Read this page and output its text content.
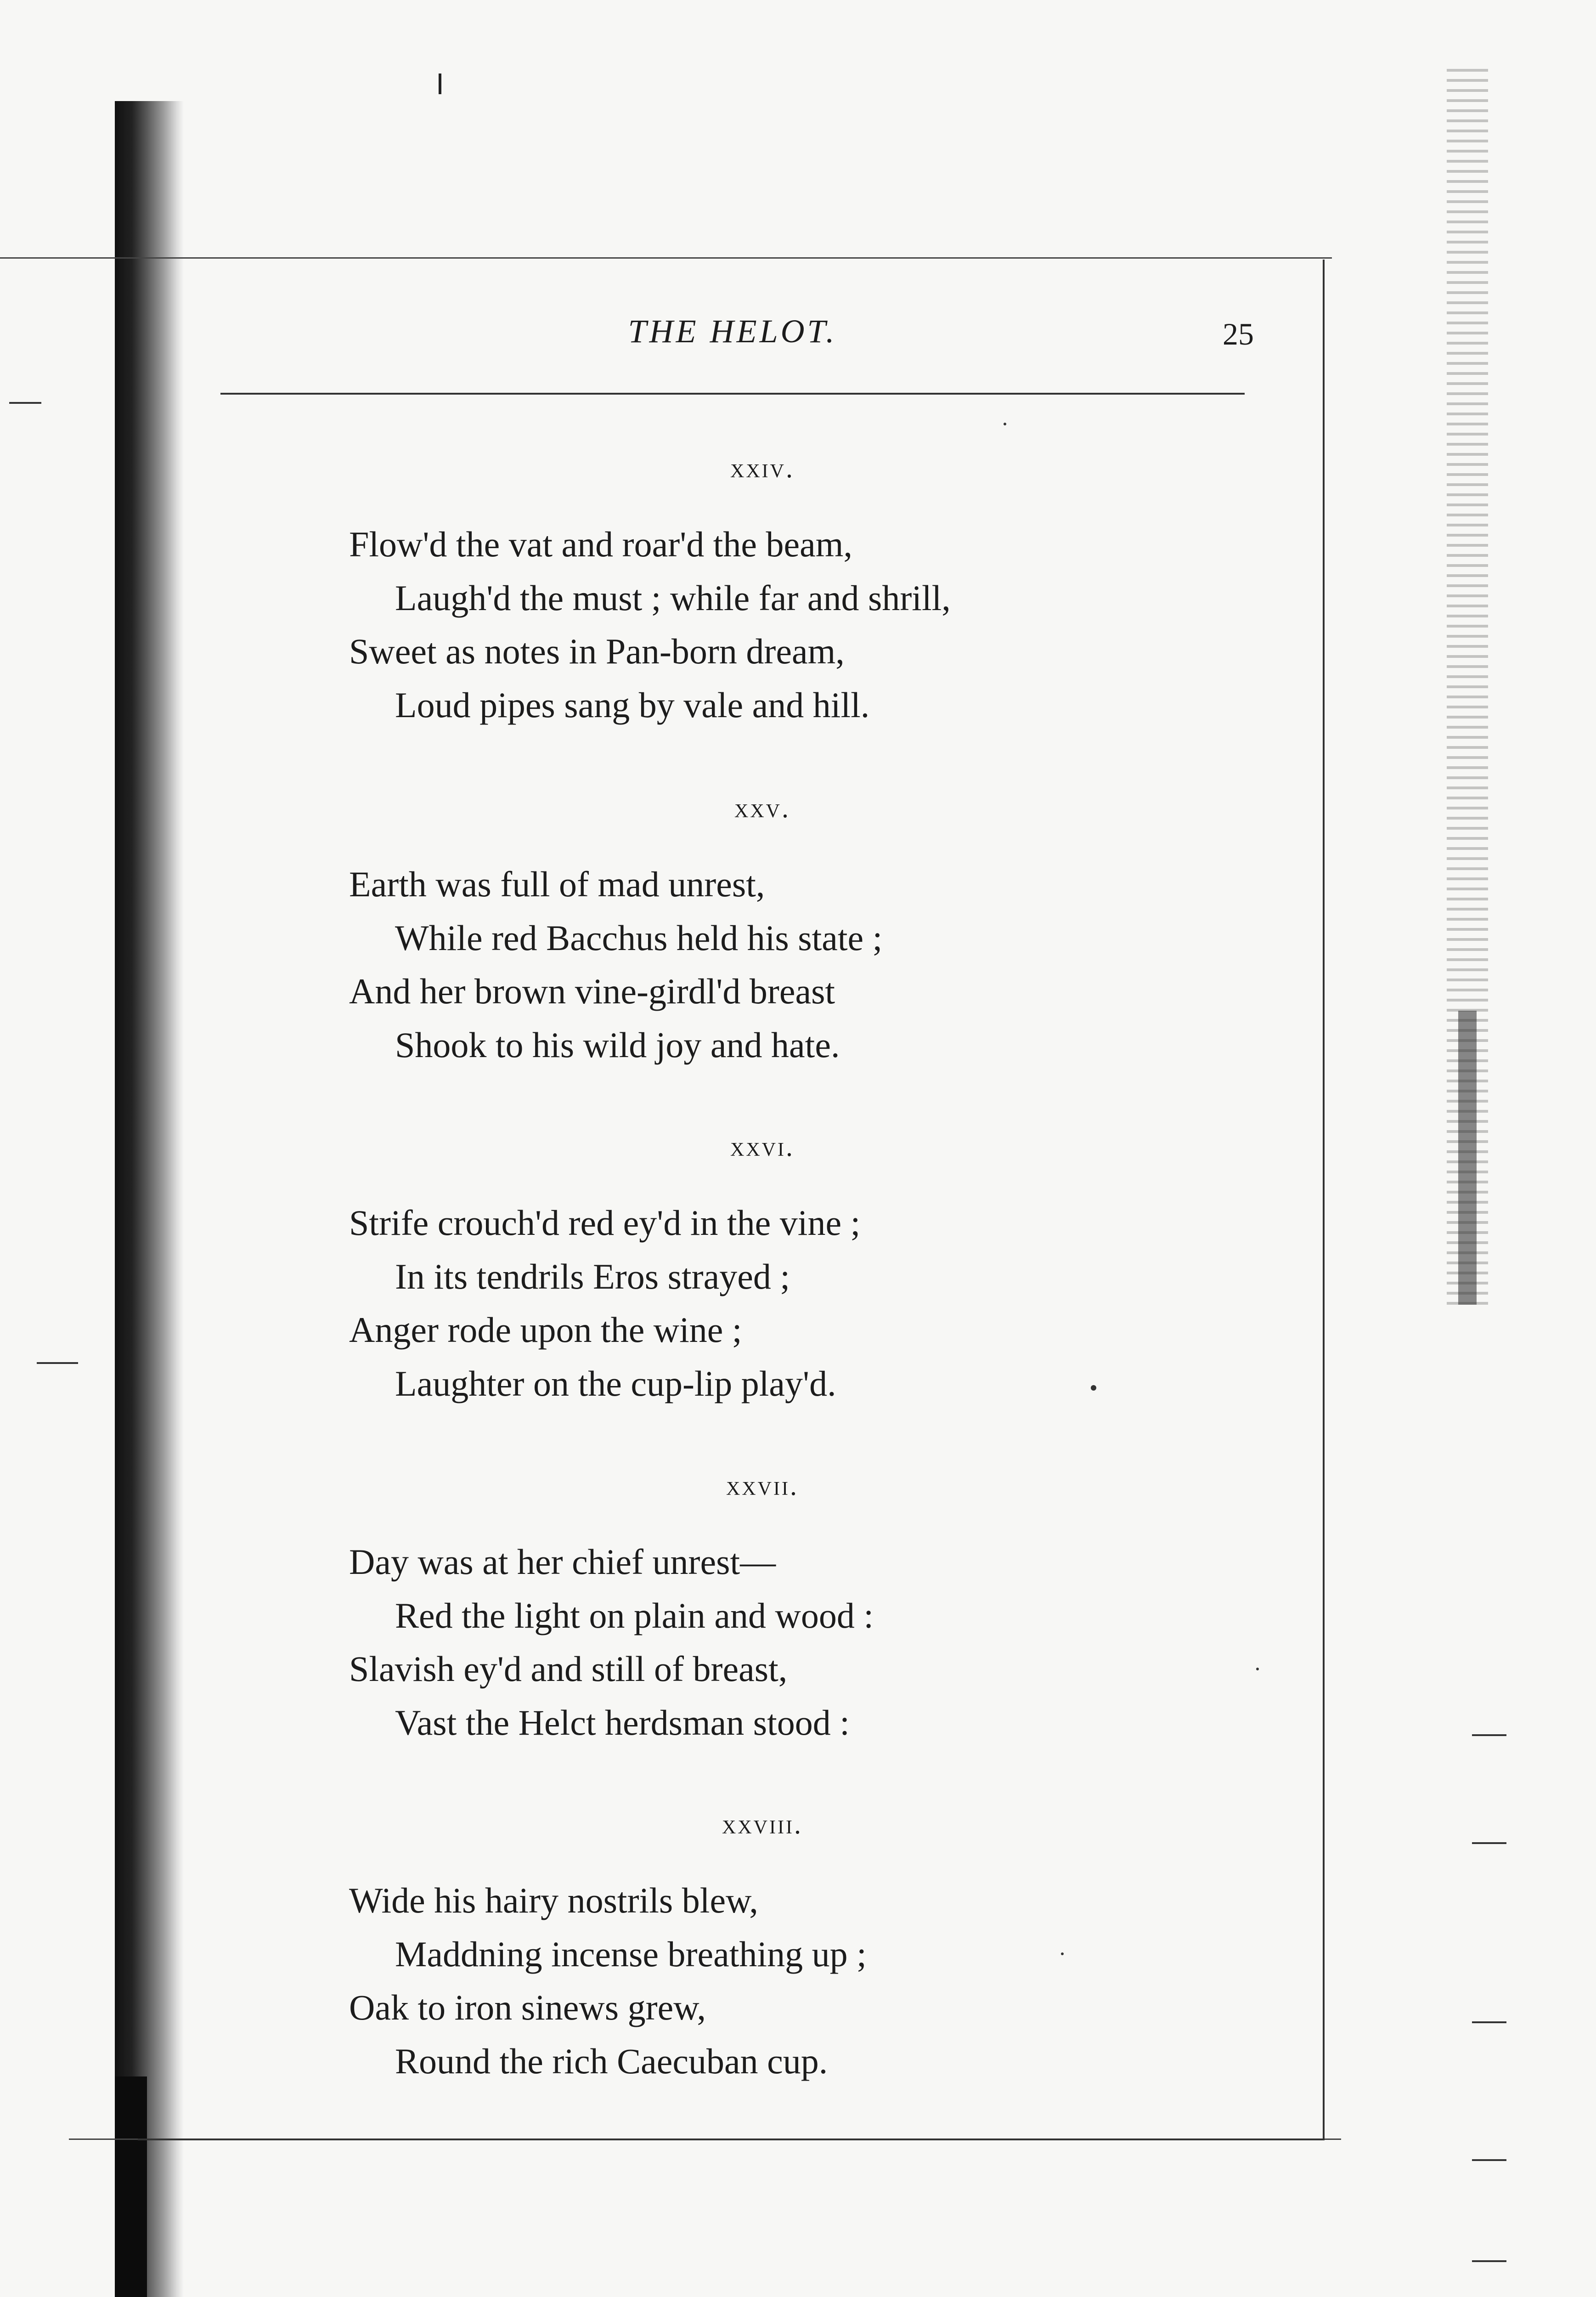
THE HELOT.	25
xxiv.
Flow'd the vat and roar'd the beam,
Laugh'd the must ; while far and shrill,
Sweet as notes in Pan-born dream,
Loud pipes sang by vale and hill.
xxv.
Earth was full of mad unrest,
While red Bacchus held his state ;
And her brown vine-girdl'd breast
Shook to his wild joy and hate.
xxvi.
Strife crouch'd red ey'd in the vine ;
In its tendrils Eros strayed ;
Anger rode upon the wine ;
Laughter on the cup-lip play'd.
xxvii.
Day was at her chief unrest—
Red the light on plain and wood :
Slavish ey'd and still of breast,
Vast the Helct herdsman stood :
xxviii.
Wide his hairy nostrils blew,
Maddning incense breathing up ;
Oak to iron sinews grew,
Round the rich Caecuban cup.
